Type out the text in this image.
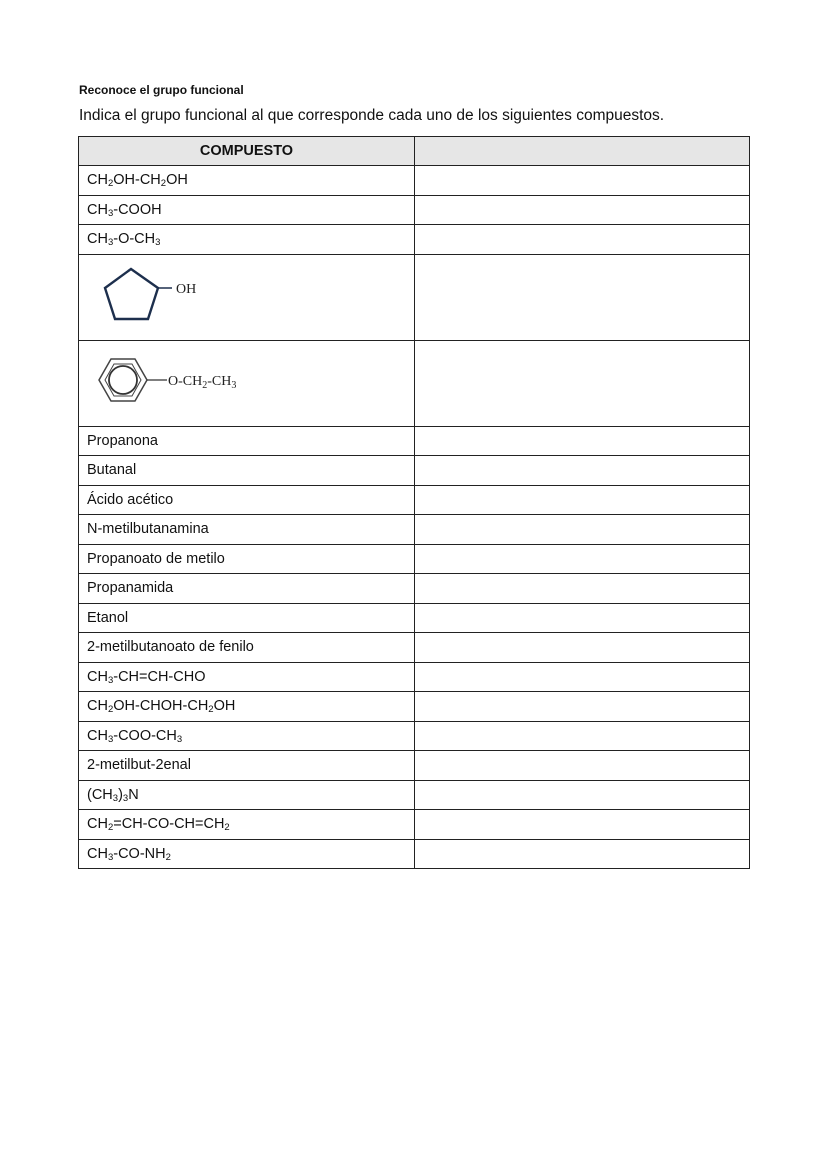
Reconoce el grupo funcional
Indica el grupo funcional al que corresponde cada uno de los siguientes compuestos.
COMPUESTO	
$CH_2OH-CH_2OH$	
$CH_3$-COOH	
$CH_3-O-CH_3$	

OH	

$O-CH_2-CH_3$

Propanona	
Butanal	
Ácido acético	
N-metilbutanamina	
Propanoato de metilo	
Propanamida	
Etanol	
2-metilbutanoato de fenilo	
$CH_3-CH=CH$-CHO	
$CH_2OH-CHOH-CH_2OH$	
$CH_3-COO-CH_3$	
2-metilbut-2enal	
$(CH_3)_3N$	
$CH_2=CH-CO-CH=CH_2$	
$CH_3-CO-NH_2$	
